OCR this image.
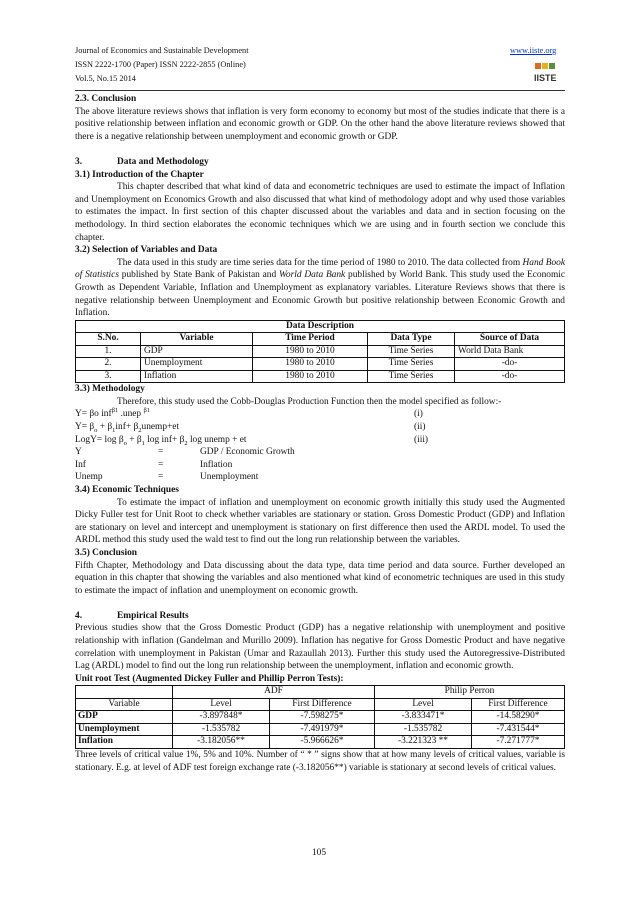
Journal of Economics and Sustainable Development
ISSN 2222-1700 (Paper) ISSN 2222-2855 (Online)
Vol.5, No.15 2014
www.iiste.org
IISTE
2.3. Conclusion

The above literature reviews shows that inflation is very form economy to economy but most of the studies indicate that there is a positive relationship between inflation and economic growth or GDP. On the other hand the above literature reviews showed that there is a negative relationship between unemployment and economic growth or GDP.

3.	Data and Methodology
3.1) Introduction of the Chapter

This chapter described that what kind of data and econometric techniques are used to estimate the impact of Inflation and Unemployment on Economics Growth and also discussed that what kind of methodology adopt and why used those variables to estimates the impact. In first section of this chapter discussed about the variables and data and in section focusing on the methodology. In third section elaborates the economic techniques which we are using and in fourth section we conclude this chapter.

3.2) Selection of Variables and Data

The data used in this study are time series data for the time period of 1980 to 2010. The data collected from Hand Book of Statistics published by State Bank of Pakistan and World Data Bank published by World Bank. This study used the Economic Growth as Dependent Variable, Inflation and Unemployment as explanatory variables. Literature Reviews shows that there is negative relationship between Unemployment and Economic Growth but positive relationship between Economic Growth and Inflation.

Data Description				
S.No.	Variable	Time Period	Data Type	Source of Data
1.	GDP	1980 to 2010	Time Series	World Data Bank
2.	Unemployment	1980 to 2010	Time Series	-do-
3.	Inflation	1980 to 2010	Time Series	-do-
3.3) Methodology

Therefore, this study used the Cobb-Douglas Production Function then the model specified as follow:-

Y= βo inf$^{\beta 1}$ .unep $^{\beta 1}$	(i)
$Y= \beta_o + \beta_1inf+$ $\beta_2unemp+et$	(ii)
LogY= $\log \beta_o + \beta_1$ $\log inf+ \beta_2$ log unemp + et	(iii)
Y	=	GDP / Economic Growth
Inf	=	Inflation
Unemp	=	Unemployment
3.4) Economic Techniques

To estimate the impact of inflation and unemployment on economic growth initially this study used the Augmented Dicky Fuller test for Unit Root to check whether variables are stationary or station. Gross Domestic Product (GDP) and Inflation are stationary on level and intercept and unemployment is stationary on first difference then used the ARDL model. To used the ARDL method this study used the wald test to find out the long run relationship between the variables.

3.5) Conclusion

Fifth Chapter, Methodology and Data discussing about the data type, data time period and data source. Further developed an equation in this chapter that showing the variables and also mentioned what kind of econometric techniques are used in this study to estimate the impact of inflation and unemployment on economic growth.

4.	Empirical Results

Previous studies show that the Gross Domestic Product (GDP) has a negative relationship with unemployment and positive relationship with inflation (Gandelman and Murillo 2009). Inflation has negative for Gross Domestic Product and have negative correlation with unemployment in Pakistan (Umar and Razaullah 2013). Further this study used the Autoregressive-Distributed Lag (ARDL) model to find out the long run relationship between the unemployment, inflation and economic growth.

Unit root Test (Augmented Dickey Fuller and Phillip Perron Tests):
	ADF		Philip Perron	
Variable	Level	First Difference	Level	First Difference
GDP	-3.897848*	-7.598275*	-3.833471*	-14.58290*
Unemployment	-1.535782	-7.491979*	-1.535782	-7.431544*
Inflation	-3.182056**	-5.966626*	-3.221323 **	-7.271777*

Three levels of critical value 1%, 5% and 10%. Number of “ * ” signs show that at how many levels of critical values, variable is stationary. E.g. at level of ADF test foreign exchange rate (-3.182056**) variable is stationary at second levels of critical values.

105
